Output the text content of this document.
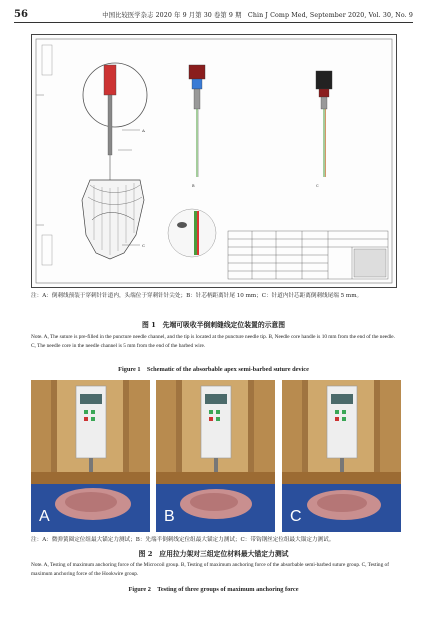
56	中国比较医学杂志 2020 年 9 月第 30 卷第 9 期　Chin J Comp Med, September 2020, Vol. 30, No. 9
A
C
B	C
注：A：倒刺线预装于穿刺针针道内，头端位于穿刺针针尖处；B：针芯柄距离针尾 10 mm；C：针道内针芯距离倒刺线尾端 5 mm。
图 1　先端可吸收半倒刺缝线定位装置的示意图
Note. A, The suture is pre-filled in the puncture needle channel, and the tip is located at the puncture needle tip. B, Needle core handle is 10 mm from the end of the needle. C, The needle core in the needle channel is 5 mm from the end of the barbed wire.
Figure 1　Schematic of the absorbable apex semi-barbed suture device
A	B	C
注：A：微弹簧圈定位组最大锚定力测试；B：先端半倒刺线定位组最大锚定力测试；C：带钩钢丝定位组最大锚定力测试。
图 2　应用拉力架对三组定位材料最大锚定力测试
Note. A, Testing of maximum anchoring force of the Microcoil group. B, Testing of maximum anchoring force of the absorbable semi-barbed suture group. C, Testing of maximum anchoring force of the Hookwire group.
Figure 2　Testing of three groups of maximum anchoring force
